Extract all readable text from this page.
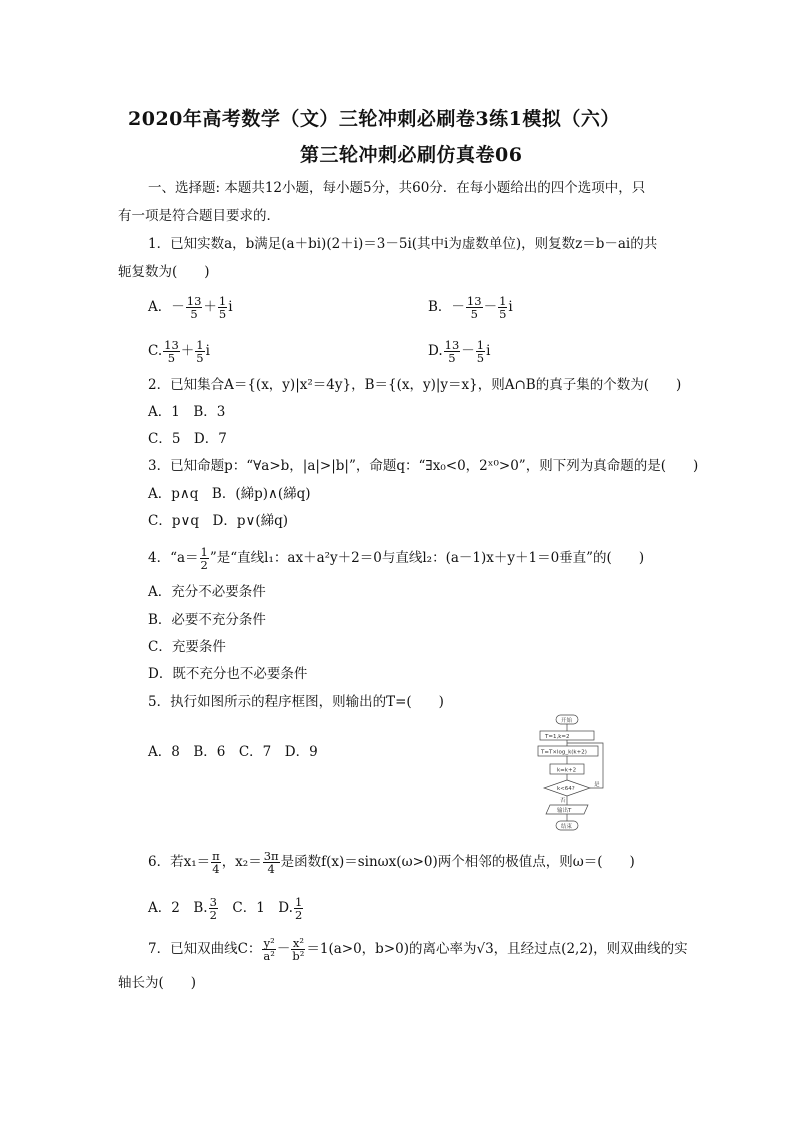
2020年高考数学（文）三轮冲刺必刷卷3练1模拟（六）
第三轮冲刺必刷仿真卷06
一、选择题: 本题共12小题，每小题5分，共60分．在每小题给出的四个选项中，只
有一项是符合题目要求的．
1．已知实数a，b满足(a＋bi)(2＋i)＝3－5i(其中i为虚数单位)，则复数z＝b－ai的共
轭复数为(　　)
A．－ $\frac{13}{5} + \frac{1}{5}$ i	B．－ $\frac{13}{5} - \frac{1}{5}$ i
C. $\frac{13}{5} + \frac{1}{5}$ i	D. $\frac{13}{5} - \frac{1}{5}$ i
2．已知集合A＝{(x，y)|x²＝4y}，B＝{(x，y)|y＝x}，则A∩B的真子集的个数为(　　)
A．1　B．3
C．5　D．7
3．已知命题p：“∀a>b，|a|>|b|”，命题q：“∃x₀<0，2ˣ⁰>0”，则下列为真命题的是(　　)
A．p∧q　B．(綈p)∧(綈q)
C．p∨q　D．p∨(綈q)
4．“$a= \frac{1}{2}$ ”是“直线l₁：ax＋a²y＋2＝0与直线l₂：(a－1)x＋y＋1＝0垂直”的(　　)
A．充分不必要条件
B．必要不充分条件
C．充要条件
D．既不充分也不必要条件
5．执行如图所示的程序框图，则输出的T=(　　)
A．8　B．6　C．7　D．9
开始
T=1,k=2
T=T×log_k(k+2)
k=k+2
k<64?
是
否
输出T
结束
6．若$x_1= \frac{\pi}{4}$ ，$x_2= \frac{3\pi}{4}$ 是函数f(x)＝sinωx(ω>0)两个相邻的极值点，则ω＝(　　)
A．2　B. $\frac{3}{2}$ 　C．1　D. $\frac{1}{2}$
7．已知双曲线C： $\frac{\text{y²}}{\text{a²}} - \frac{\text{x²}}{\text{b²}} =1(a>0$，b>0)的离心率为√3，且经过点(2,2)，则双曲线的实
轴长为(　　)
